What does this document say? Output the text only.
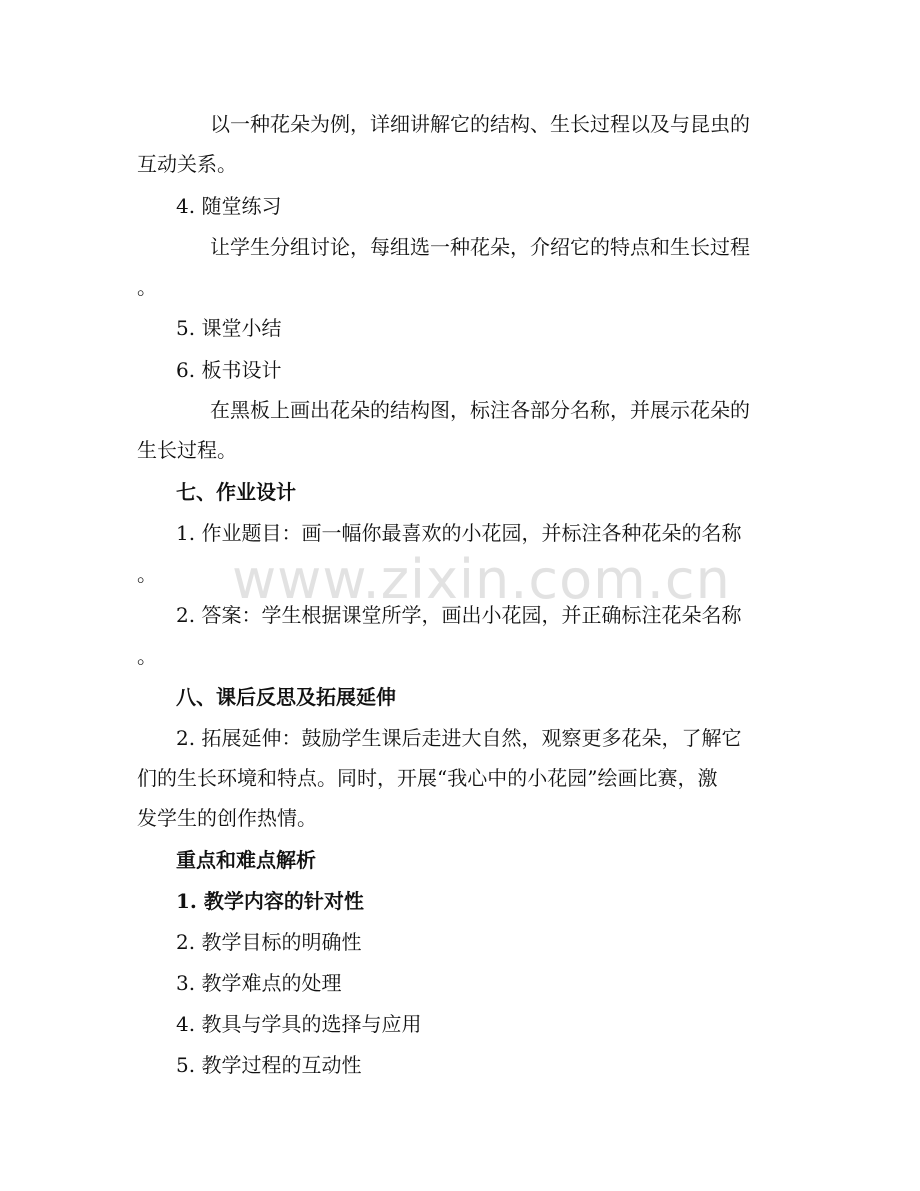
以一种花朵为例，详细讲解它的结构、生长过程以及与昆虫的
互动关系。
4. 随堂练习
让学生分组讨论，每组选一种花朵，介绍它的特点和生长过程
。
5. 课堂小结
6. 板书设计
在黑板上画出花朵的结构图，标注各部分名称，并展示花朵的
生长过程。
七、作业设计
1. 作业题目：画一幅你最喜欢的小花园，并标注各种花朵的名称
。
2. 答案：学生根据课堂所学，画出小花园，并正确标注花朵名称
。
八、课后反思及拓展延伸
2. 拓展延伸：鼓励学生课后走进大自然，观察更多花朵，了解它
们的生长环境和特点。同时，开展“我心中的小花园”绘画比赛，激
发学生的创作热情。
重点和难点解析
1. 教学内容的针对性
2. 教学目标的明确性
3. 教学难点的处理
4. 教具与学具的选择与应用
5. 教学过程的互动性
www.zixin.com.cn
